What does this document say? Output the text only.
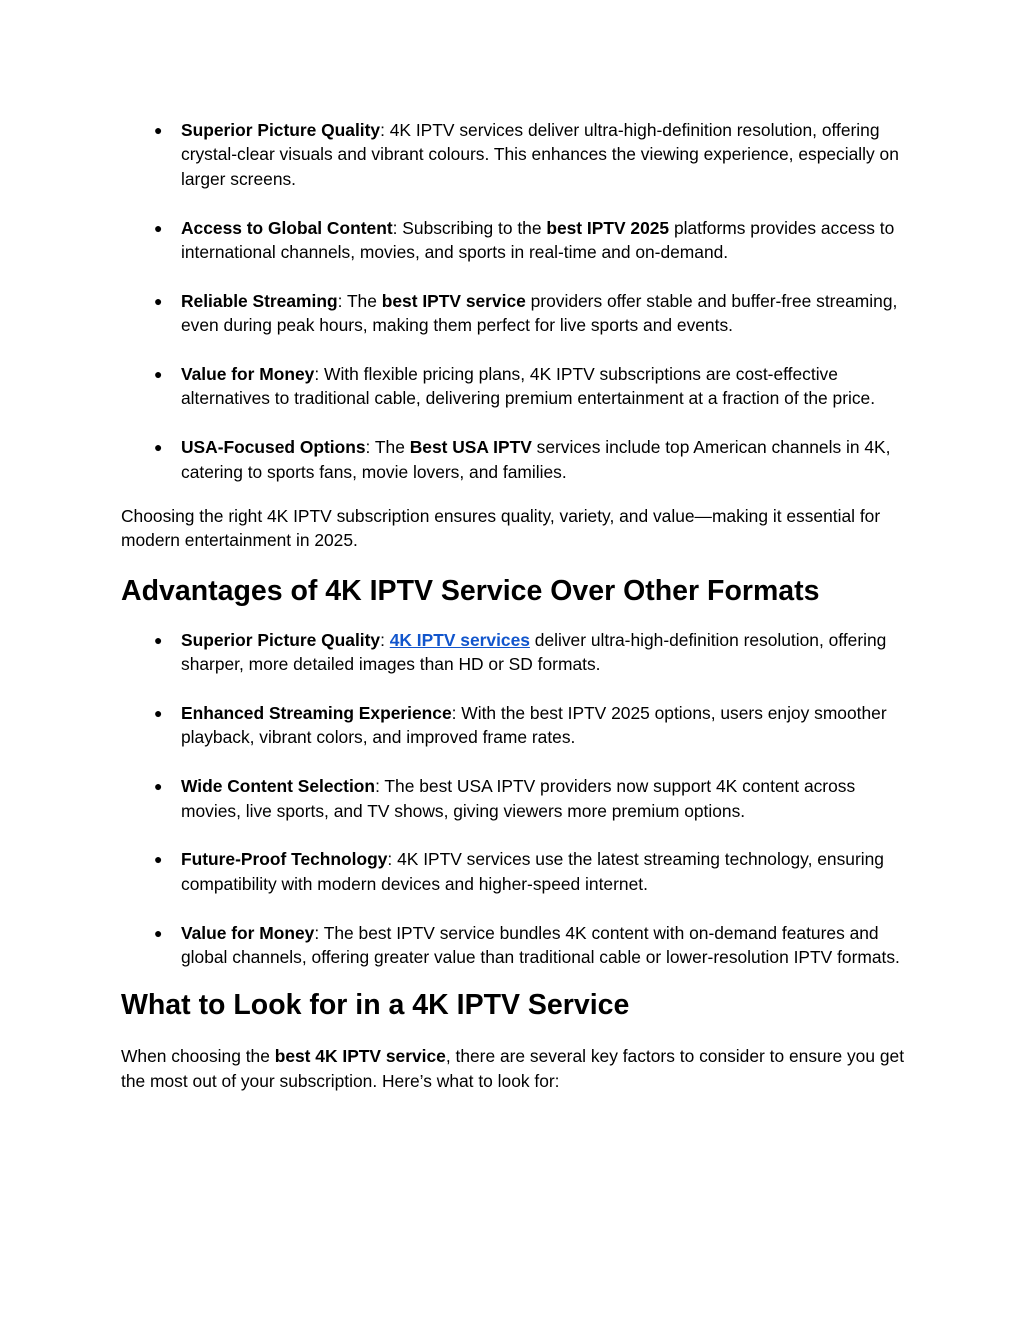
● Superior Picture Quality: 4K IPTV services deliver ultra-high-definition resolution, offering crystal-clear visuals and vibrant colours. This enhances the viewing experience, especially on larger screens.
● Access to Global Content: Subscribing to the best IPTV 2025 platforms provides access to international channels, movies, and sports in real-time and on-demand.
● Reliable Streaming: The best IPTV service providers offer stable and buffer-free streaming, even during peak hours, making them perfect for live sports and events.
● Value for Money: With flexible pricing plans, 4K IPTV subscriptions are cost-effective alternatives to traditional cable, delivering premium entertainment at a fraction of the price.
● USA-Focused Options: The Best USA IPTV services include top American channels in 4K, catering to sports fans, movie lovers, and families.

Choosing the right 4K IPTV subscription ensures quality, variety, and value—making it essential for modern entertainment in 2025.

Advantages of 4K IPTV Service Over Other Formats
● Superior Picture Quality: 4K IPTV services deliver ultra-high-definition resolution, offering sharper, more detailed images than HD or SD formats.
● Enhanced Streaming Experience: With the best IPTV 2025 options, users enjoy smoother playback, vibrant colors, and improved frame rates.
● Wide Content Selection: The best USA IPTV providers now support 4K content across movies, live sports, and TV shows, giving viewers more premium options.
● Future-Proof Technology: 4K IPTV services use the latest streaming technology, ensuring compatibility with modern devices and higher-speed internet.
● Value for Money: The best IPTV service bundles 4K content with on-demand features and global channels, offering greater value than traditional cable or lower-resolution IPTV formats.
What to Look for in a 4K IPTV Service

When choosing the best 4K IPTV service, there are several key factors to consider to ensure you get the most out of your subscription. Here’s what to look for:
